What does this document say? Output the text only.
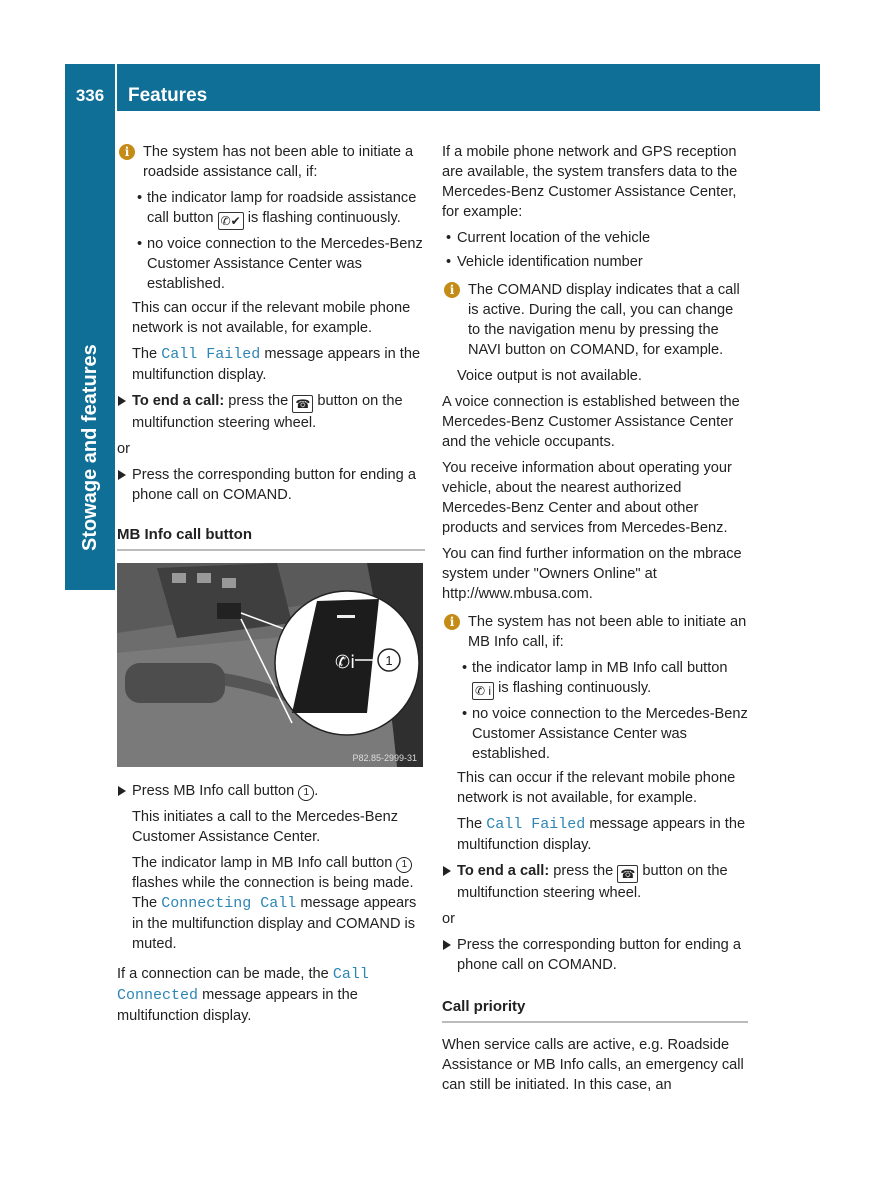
336	Features
Stowage and features
i The system has not been able to initiate a roadside assistance call, if:

• the indicator lamp for roadside assistance call button ✆✔ is flashing continuously.
• no voice connection to the Mercedes-Benz Customer Assistance Center was established.

This can occur if the relevant mobile phone network is not available, for example.

The Call Failed message appears in the multifunction display.

To end a call: press the ☎ button on the multifunction steering wheel.

or

Press the corresponding button for ending a phone call on COMAND.
MB Info call button
✆i 1
P82.85-2999-31
Press MB Info call button 1 .

This initiates a call to the Mercedes-Benz Customer Assistance Center.

The indicator lamp in MB Info call button 1 flashes while the connection is being made. The Connecting Call message appears in the multifunction display and COMAND is muted.

If a connection can be made, the Call Connected message appears in the multifunction display.

If a mobile phone network and GPS reception are available, the system transfers data to the Mercedes-Benz Customer Assistance Center, for example:

• Current location of the vehicle
• Vehicle identification number
i The COMAND display indicates that a call is active. During the call, you can change to the navigation menu by pressing the NAVI button on COMAND, for example.

Voice output is not available.

A voice connection is established between the Mercedes-Benz Customer Assistance Center and the vehicle occupants.

You receive information about operating your vehicle, about the nearest authorized Mercedes-Benz Center and about other products and services from Mercedes-Benz.

You can find further information on the mbrace system under "Owners Online" at http://www.mbusa.com.

i The system has not been able to initiate an MB Info call, if:

• the indicator lamp in MB Info call button ✆ i is flashing continuously.
• no voice connection to the Mercedes-Benz Customer Assistance Center was established.

This can occur if the relevant mobile phone network is not available, for example.

The Call Failed message appears in the multifunction display.

To end a call: press the ☎ button on the multifunction steering wheel.

or

Press the corresponding button for ending a phone call on COMAND.
Call priority

When service calls are active, e.g. Roadside Assistance or MB Info calls, an emergency call can still be initiated. In this case, an
